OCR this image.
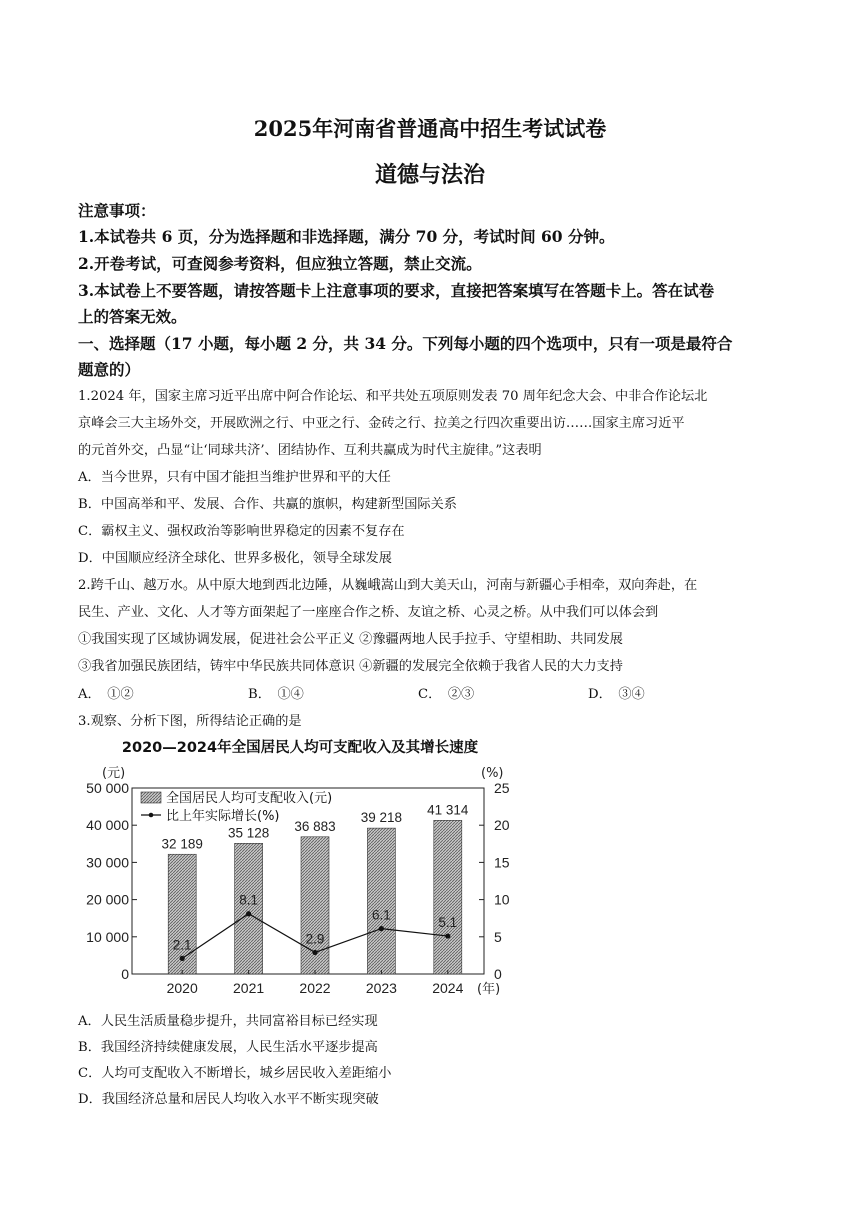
2025年河南省普通高中招生考试试卷
道德与法治
注意事项：
1.本试卷共 6 页，分为选择题和非选择题，满分 70 分，考试时间 60 分钟。
2.开卷考试，可查阅参考资料，但应独立答题，禁止交流。
3.本试卷上不要答题，请按答题卡上注意事项的要求，直接把答案填写在答题卡上。答在试卷
上的答案无效。
一、选择题（17 小题，每小题 2 分，共 34 分。下列每小题的四个选项中，只有一项是最符合
题意的）
1.2024 年，国家主席习近平出席中阿合作论坛、和平共处五项原则发表 70 周年纪念大会、中非合作论坛北
京峰会三大主场外交，开展欧洲之行、中亚之行、金砖之行、拉美之行四次重要出访……国家主席习近平
的元首外交，凸显“让‘同球共济’、团结协作、互利共赢成为时代主旋律。”这表明
A．当今世界，只有中国才能担当维护世界和平的大任
B．中国高举和平、发展、合作、共赢的旗帜，构建新型国际关系
C．霸权主义、强权政治等影响世界稳定的因素不复存在
D．中国顺应经济全球化、世界多极化，领导全球发展
2.跨千山、越万水。从中原大地到西北边陲，从巍峨嵩山到大美天山，河南与新疆心手相牵，双向奔赴，在
民生、产业、文化、人才等方面架起了一座座合作之桥、友谊之桥、心灵之桥。从中我们可以体会到
①我国实现了区域协调发展，促进社会公平正义 ②豫疆两地人民手拉手、守望相助、共同发展
③我省加强民族团结，铸牢中华民族共同体意识 ④新疆的发展完全依赖于我省人民的大力支持
A．　①②	B．　①④	C．　②③	D．　③④
3.观察、分析下图，所得结论正确的是
2020—2024年全国居民人均可支配收入及其增长速度
(元)	(%)
(年)
50 000
40 000
30 000
20 000
10 000
0
25
20
15
10
5
0
32 189
35 128 36 883
39 218
41 314
2.1
8.1
2.9
6.1	5.1
2020	2021	2022	2023	2024
全国居民人均可支配收入(元)
比上年实际增长(%)
A．人民生活质量稳步提升，共同富裕目标已经实现
B．我国经济持续健康发展，人民生活水平逐步提高
C．人均可支配收入不断增长，城乡居民收入差距缩小
D．我国经济总量和居民人均收入水平不断实现突破
